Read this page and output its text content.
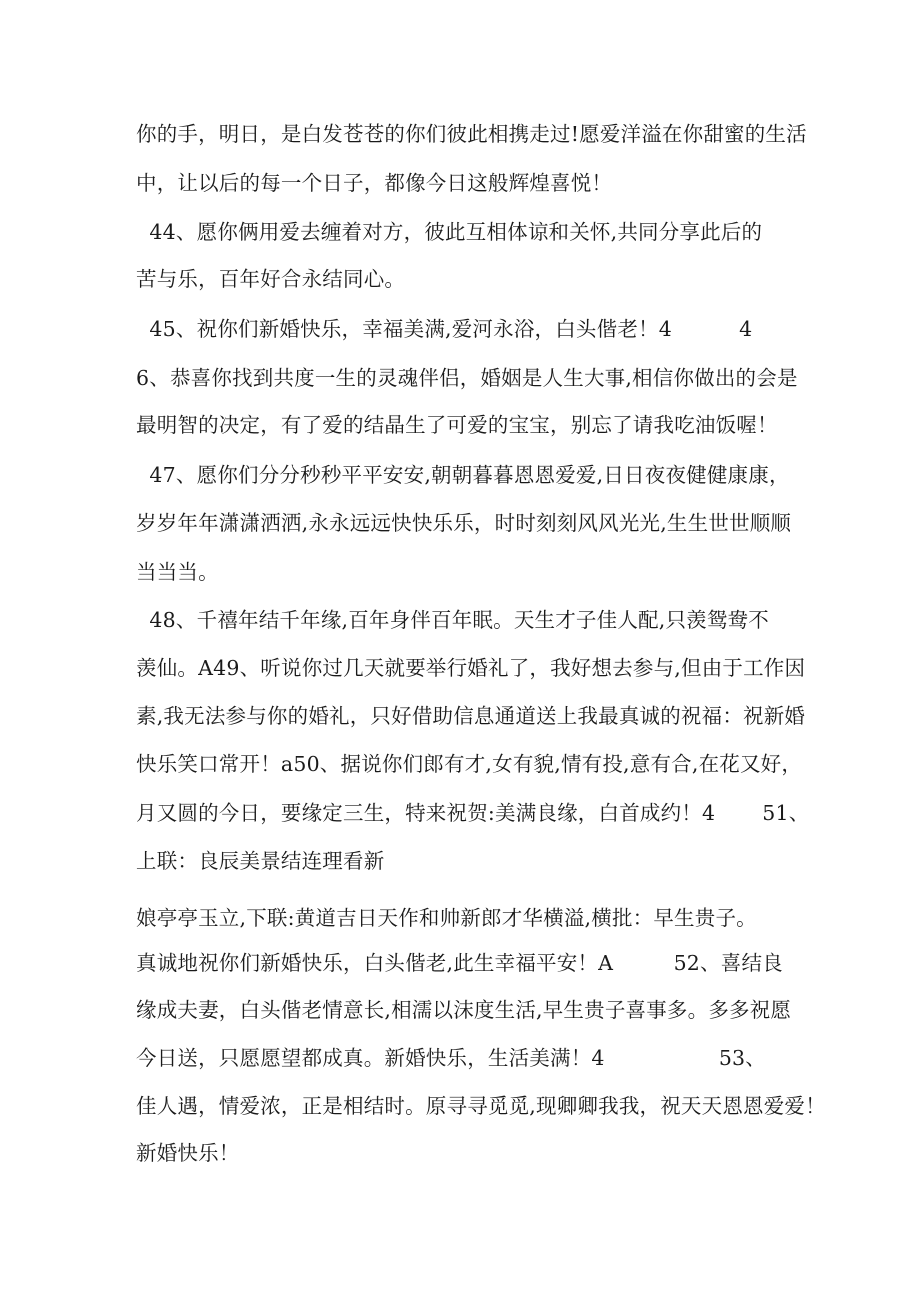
你的手，明日，是白发苍苍的你们彼此相携走过!愿爱洋溢在你甜蜜的生活
中，让以后的每一个日子，都像今日这般辉煌喜悦！
44、愿你俩用爱去缠着对方，彼此互相体谅和关怀,共同分享此后的
苦与乐，百年好合永结同心。
45、祝你们新婚快乐，幸福美满,爱河永浴，白头偕老！4          4
6、恭喜你找到共度一生的灵魂伴侣，婚姻是人生大事,相信你做出的会是
最明智的决定，有了爱的结晶生了可爱的宝宝，别忘了请我吃油饭喔！
47、愿你们分分秒秒平平安安,朝朝暮暮恩恩爱爱,日日夜夜健健康康，
岁岁年年潇潇洒洒,永永远远快快乐乐，时时刻刻风风光光,生生世世顺顺
当当当。
48、千禧年结千年缘,百年身伴百年眠。天生才子佳人配,只羡鸳鸯不
羡仙。A49、听说你过几天就要举行婚礼了，我好想去参与,但由于工作因
素,我无法参与你的婚礼，只好借助信息通道送上我最真诚的祝福：祝新婚
快乐笑口常开！a50、据说你们郎有才,女有貌,情有投,意有合,在花又好，
月又圆的今日，要缘定三生，特来祝贺:美满良缘，白首成约！4       51、
上联：良辰美景结连理看新
娘亭亭玉立,下联:黄道吉日天作和帅新郎才华横溢,横批：早生贵子。
真诚地祝你们新婚快乐，白头偕老,此生幸福平安！A         52、喜结良
缘成夫妻，白头偕老情意长,相濡以沫度生活,早生贵子喜事多。多多祝愿
今日送，只愿愿望都成真。新婚快乐，生活美满！4                 53、
佳人遇，情爱浓，正是相结时。原寻寻觅觅,现卿卿我我，祝天天恩恩爱爱！
新婚快乐！
